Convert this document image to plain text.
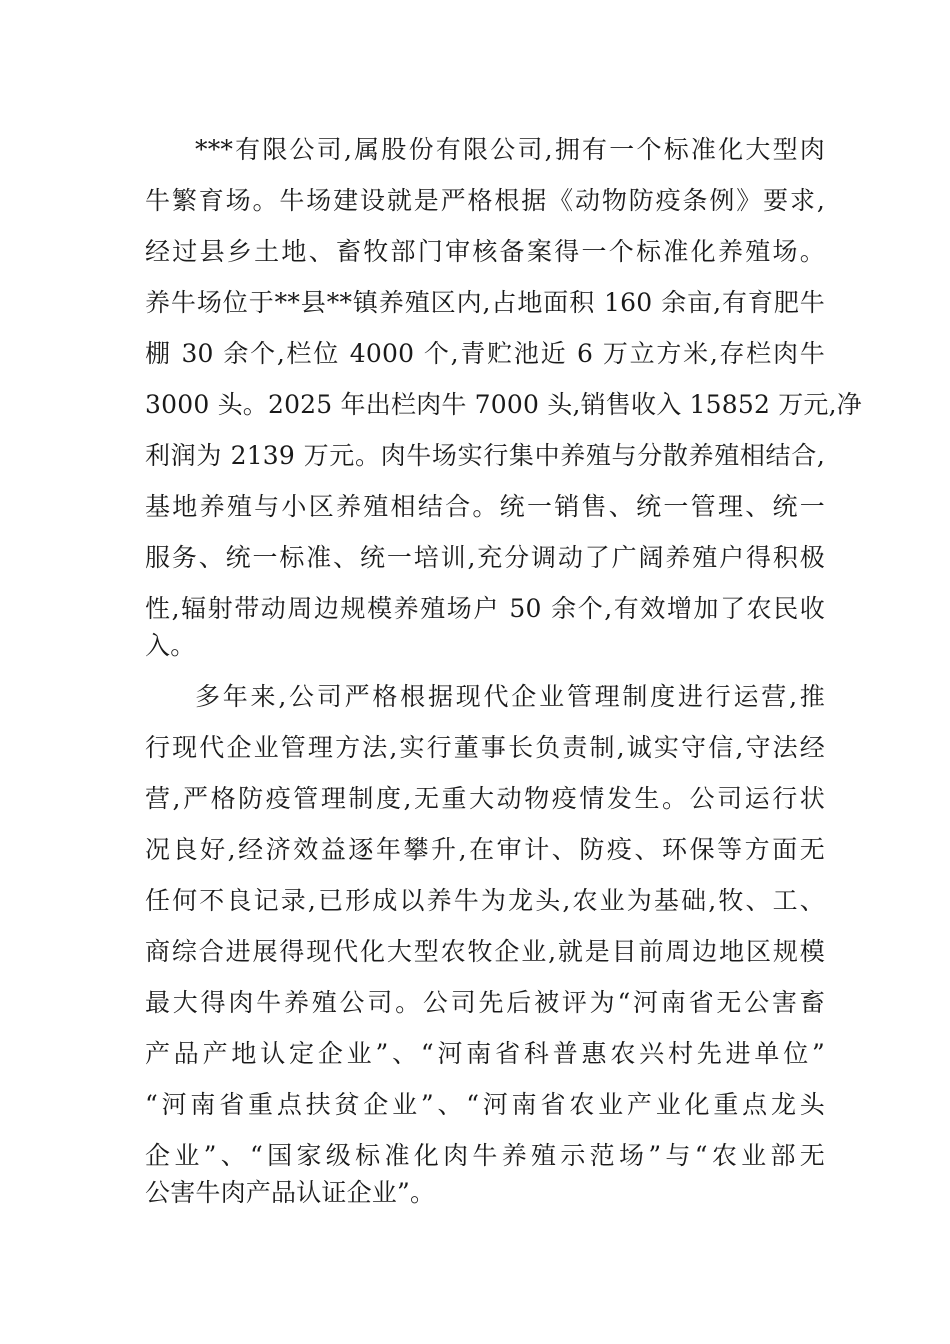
***有限公司,属股份有限公司,拥有一个标准化大型肉
牛繁育场。牛场建设就是严格根据《动物防疫条例》要求,
经过县乡土地、畜牧部门审核备案得一个标准化养殖场。
养牛场位于**县**镇养殖区内,占地面积 160 余亩,有育肥牛
棚 30 余个,栏位 4000 个,青贮池近 6 万立方米,存栏肉牛
3000 头。2025 年出栏肉牛 7000 头,销售收入 15852 万元,净
利润为 2139 万元。肉牛场实行集中养殖与分散养殖相结合,
基地养殖与小区养殖相结合。统一销售、统一管理、统一
服务、统一标准、统一培训,充分调动了广阔养殖户得积极
性,辐射带动周边规模养殖场户 50 余个,有效增加了农民收
入。
多年来,公司严格根据现代企业管理制度进行运营,推
行现代企业管理方法,实行董事长负责制,诚实守信,守法经
营,严格防疫管理制度,无重大动物疫情发生。公司运行状
况良好,经济效益逐年攀升,在审计、防疫、环保等方面无
任何不良记录,已形成以养牛为龙头,农业为基础,牧、工、
商综合进展得现代化大型农牧企业,就是目前周边地区规模
最大得肉牛养殖公司。公司先后被评为“河南省无公害畜
产品产地认定企业”、“河南省科普惠农兴村先进单位”
“河南省重点扶贫企业”、“河南省农业产业化重点龙头
企业”、“国家级标准化肉牛养殖示范场”与“农业部无
公害牛肉产品认证企业”。
